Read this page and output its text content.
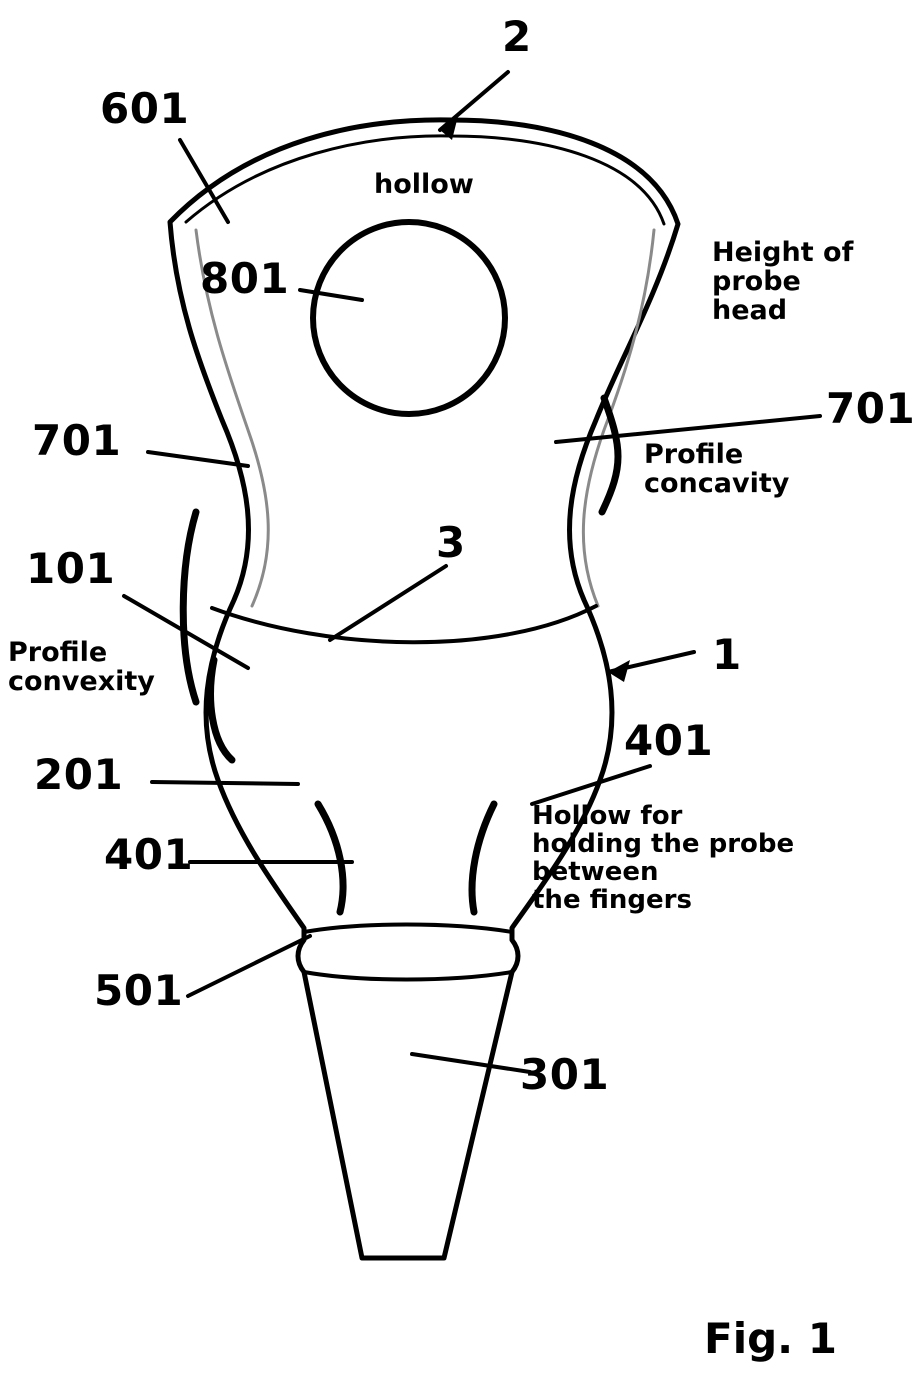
601
2
801
701
701
101
3
1
201
401
401
501
301
hollow
Height of
probe
head
Profile
concavity
Profile
convexity
Hollow for
holding the probe
between
the fingers
Fig. 1
